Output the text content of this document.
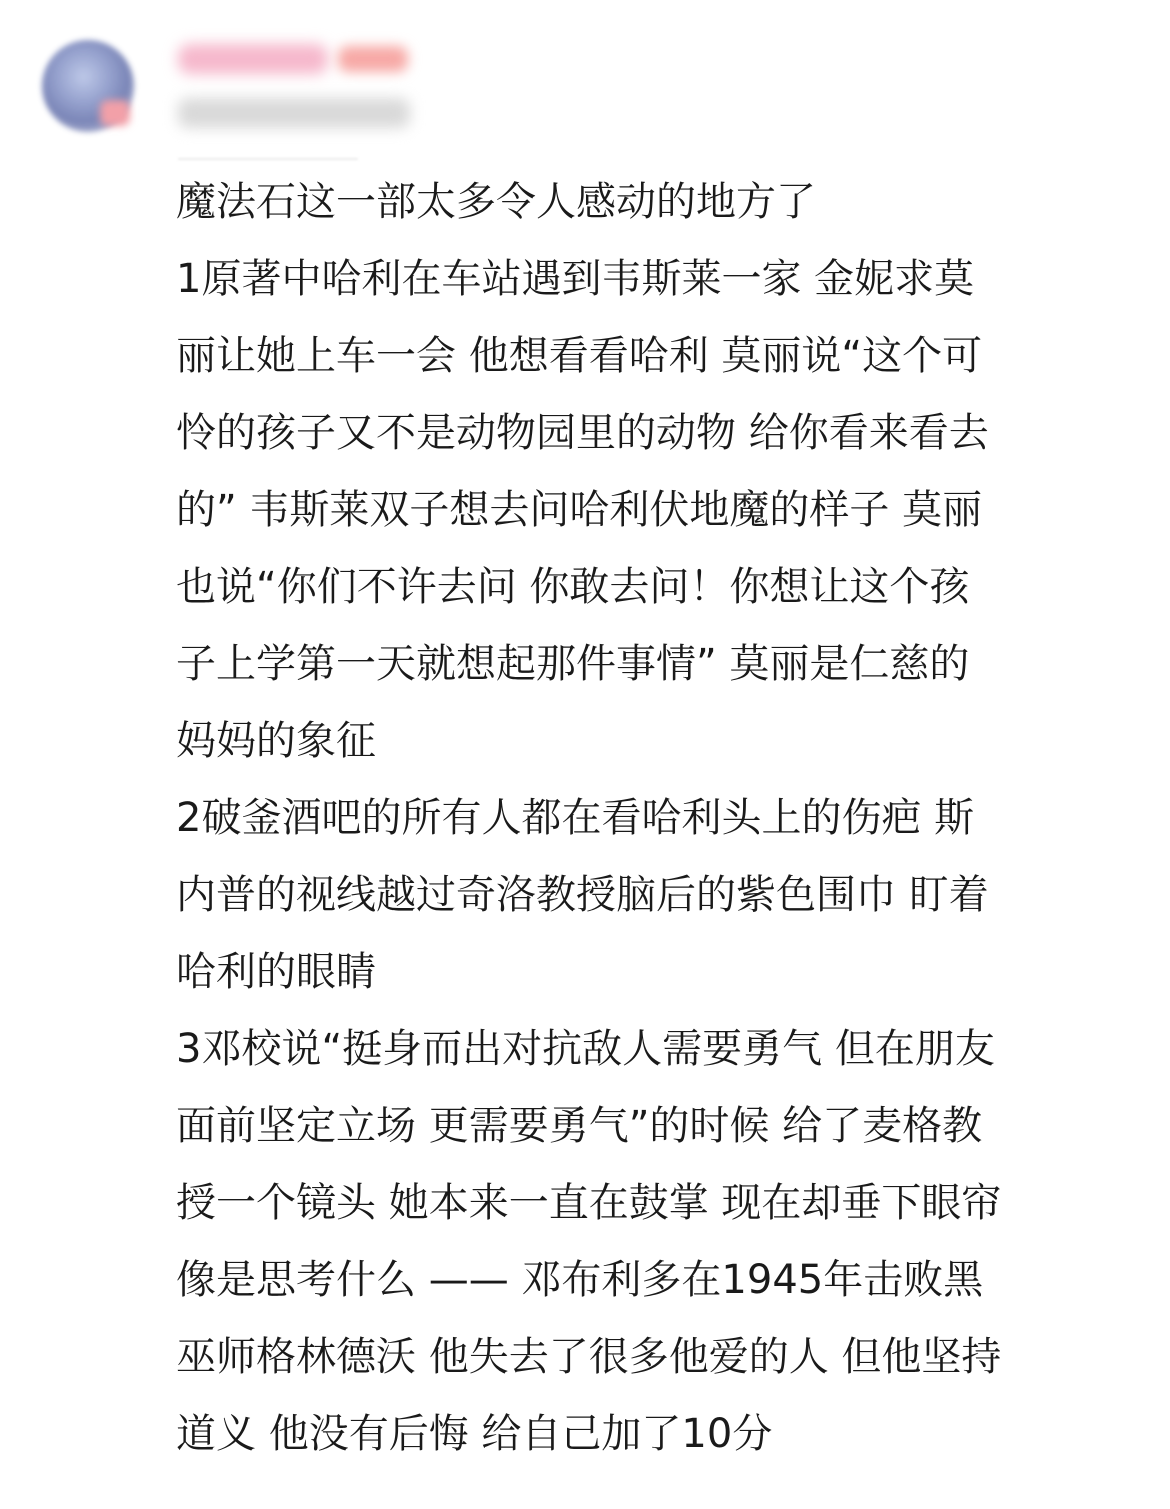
魔法石这一部太多令人感动的地方了
1原著中哈利在车站遇到韦斯莱一家 金妮求莫
丽让她上车一会 他想看看哈利 莫丽说“这个可
怜的孩子又不是动物园里的动物 给你看来看去
的” 韦斯莱双子想去问哈利伏地魔的样子 莫丽
也说“你们不许去问 你敢去问！你想让这个孩
子上学第一天就想起那件事情” 莫丽是仁慈的
妈妈的象征
2破釜酒吧的所有人都在看哈利头上的伤疤 斯
内普的视线越过奇洛教授脑后的紫色围巾 盯着
哈利的眼睛
3邓校说“挺身而出对抗敌人需要勇气 但在朋友
面前坚定立场 更需要勇气”的时候 给了麦格教
授一个镜头 她本来一直在鼓掌 现在却垂下眼帘
像是思考什么 —— 邓布利多在1945年击败黑
巫师格林德沃 他失去了很多他爱的人 但他坚持
道义 他没有后悔 给自己加了10分
